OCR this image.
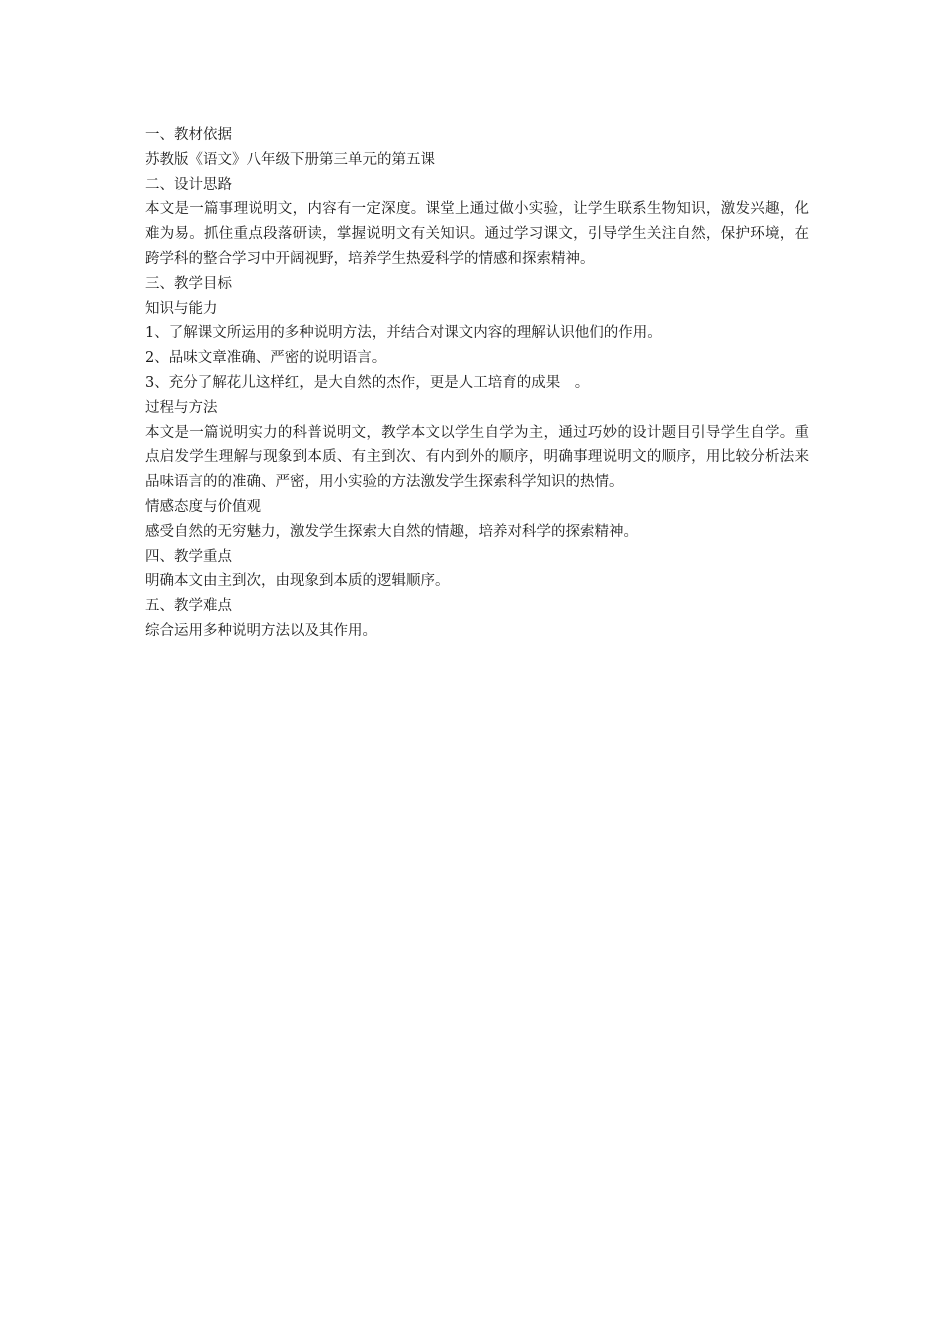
一、教材依据

苏教版《语文》八年级下册第三单元的第五课

二、设计思路

本文是一篇事理说明文，内容有一定深度。课堂上通过做小实验，让学生联系生物知识，激发兴趣，化难为易。抓住重点段落研读，掌握说明文有关知识。通过学习课文，引导学生关注自然，保护环境，在跨学科的整合学习中开阔视野，培养学生热爱科学的情感和探索精神。

三、教学目标

知识与能力

1、了解课文所运用的多种说明方法，并结合对课文内容的理解认识他们的作用。

2、品味文章准确、严密的说明语言。

3、充分了解花儿这样红，是大自然的杰作，更是人工培育的成果　。

过程与方法

本文是一篇说明实力的科普说明文，教学本文以学生自学为主，通过巧妙的设计题目引导学生自学。重点启发学生理解与现象到本质、有主到次、有内到外的顺序，明确事理说明文的顺序，用比较分析法来品味语言的的准确、严密，用小实验的方法激发学生探索科学知识的热情。

情感态度与价值观

感受自然的无穷魅力，激发学生探索大自然的情趣，培养对科学的探索精神。

四、教学重点

明确本文由主到次，由现象到本质的逻辑顺序。

五、教学难点

综合运用多种说明方法以及其作用。
